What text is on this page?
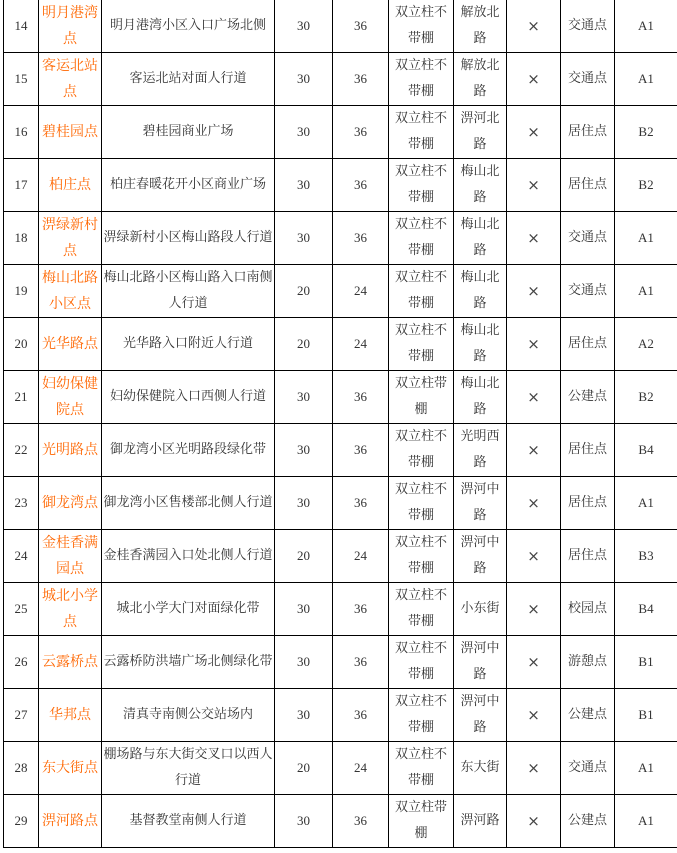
14	明月港湾点	明月港湾小区入口广场北侧	30	36	双立柱不带棚	解放北路	×	交通点	A1
15	客运北站点	客运北站对面人行道	30	36	双立柱不带棚	解放北路	×	交通点	A1
16	碧桂园点	碧桂园商业广场	30	36	双立柱不带棚	淠河北路	×	居住点	B2
17	柏庄点	柏庄春暖花开小区商业广场	30	36	双立柱不带棚	梅山北路	×	居住点	B2
18	淠绿新村点	淠绿新村小区梅山路段人行道	30	36	双立柱不带棚	梅山北路	×	交通点	A1
19	梅山北路小区点	梅山北路小区梅山路入口南侧人行道	20	24	双立柱不带棚	梅山北路	×	交通点	A1
20	光华路点	光华路入口附近人行道	20	24	双立柱不带棚	梅山北路	×	居住点	A2
21	妇幼保健院点	妇幼保健院入口西侧人行道	30	36	双立柱带棚	梅山北路	×	公建点	B2
22	光明路点	御龙湾小区光明路段绿化带	30	36	双立柱不带棚	光明西路	×	居住点	B4
23	御龙湾点	御龙湾小区售楼部北侧人行道	30	36	双立柱不带棚	淠河中路	×	居住点	A1
24	金桂香满园点	金桂香满园入口处北侧人行道	20	24	双立柱不带棚	淠河中路	×	居住点	B3
25	城北小学点	城北小学大门对面绿化带	30	36	双立柱不带棚	小东街	×	校园点	B4
26	云露桥点	云露桥防洪墙广场北侧绿化带	30	36	双立柱不带棚	淠河中路	×	游憩点	B1
27	华邦点	清真寺南侧公交站场内	30	36	双立柱不带棚	淠河中路	×	公建点	B1
28	东大街点	棚场路与东大街交叉口以西人行道	20	24	双立柱不带棚	东大街	×	交通点	A1
29	淠河路点	基督教堂南侧人行道	30	36	双立柱带棚	淠河路	×	公建点	A1
